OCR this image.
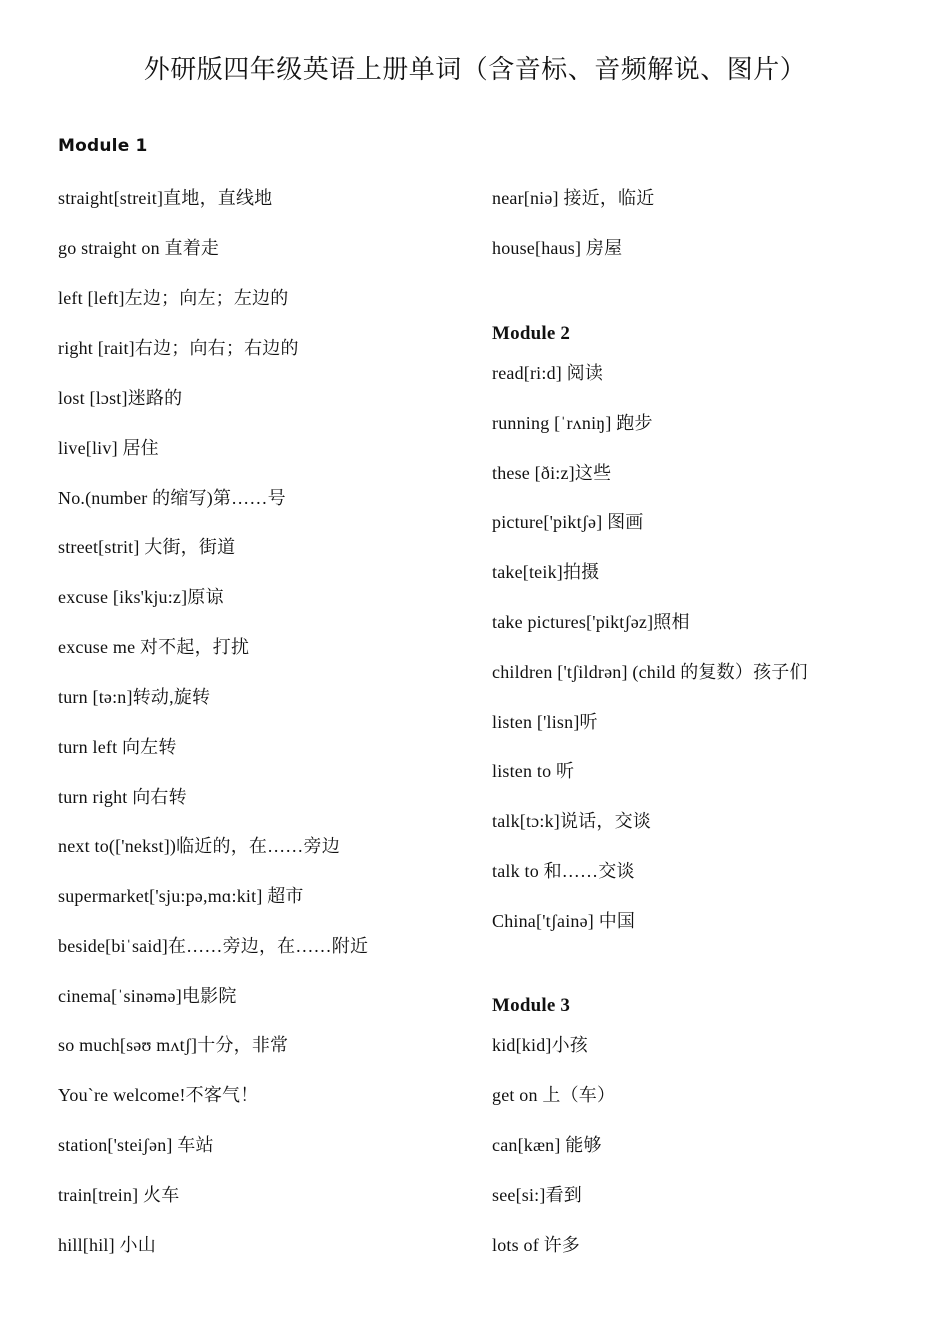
外研版四年级英语上册单词（含音标、音频解说、图片）
Module 1
straight[streit]直地，直线地
go straight on 直着走
left [left]左边；向左；左边的
right [rait]右边；向右；右边的
lost [lɔst]迷路的
live[liv] 居住
No.(number 的缩写)第……号
street[strit] 大街，街道
excuse [iks'kju:z]原谅
excuse me 对不起，打扰
turn [tə:n]转动,旋转
turn left 向左转
turn right 向右转
next to(['nekst])临近的，在……旁边
supermarket['sju:pə,mɑ:kit] 超市
beside[biˈsaid]在……旁边，在……附近
cinema[ˈsinəmə]电影院
so much[səʊ mʌtʃ]十分，非常
You`re welcome!不客气！
station['steiʃən] 车站
train[trein] 火车
hill[hil] 小山
near[niə] 接近，临近
house[haus] 房屋
Module 2
read[ri:d] 阅读
running [ˈrʌniŋ] 跑步
these [ði:z]这些
picture['piktʃə] 图画
take[teik]拍摄
take pictures['piktʃəz]照相
children ['tʃildrən] (child 的复数）孩子们
listen ['lisn]听
listen to 听
talk[tɔ:k]说话，交谈
talk to 和……交谈
China['tʃainə] 中国
Module 3
kid[kid]小孩
get on 上（车）
can[kæn] 能够
see[si:]看到
lots of 许多
